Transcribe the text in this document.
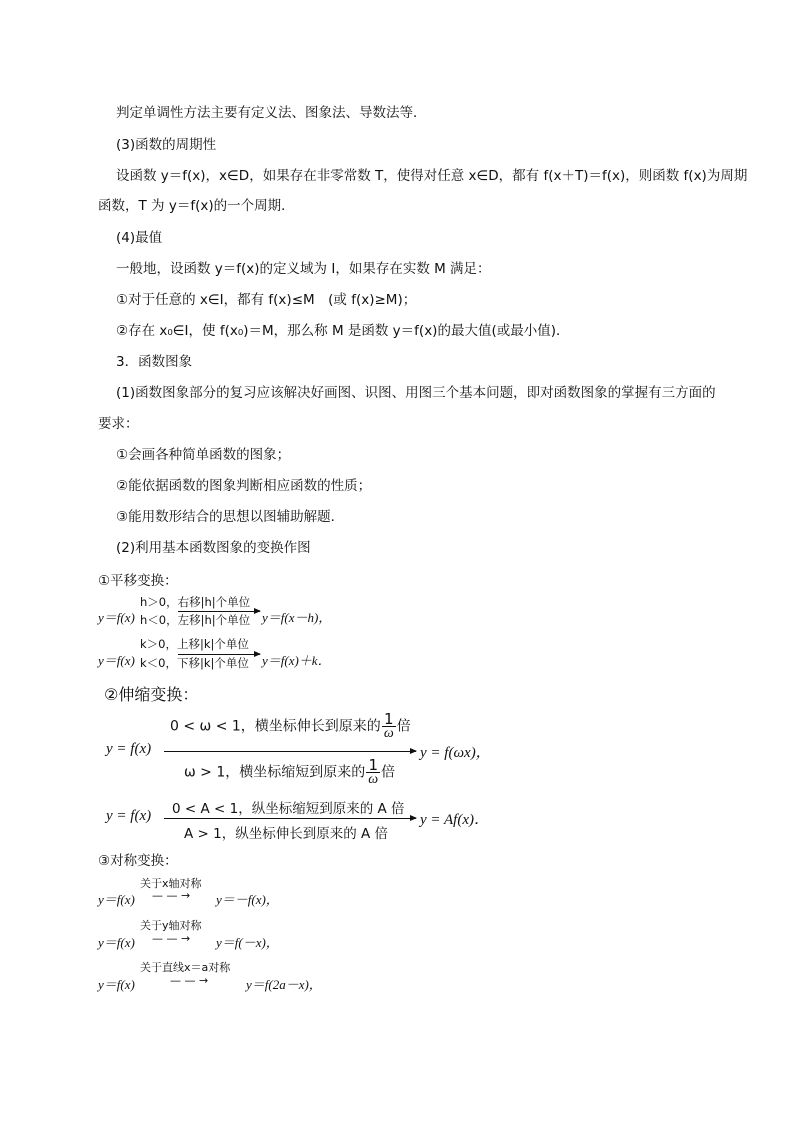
判定单调性方法主要有定义法、图象法、导数法等．
(3)函数的周期性
设函数 y＝f(x)，x∈D，如果存在非零常数 T，使得对任意 x∈D，都有 f(x＋T)＝f(x)，则函数 f(x)为周期
函数，T 为 y＝f(x)的一个周期．
(4)最值
一般地，设函数 y＝f(x)的定义域为 I，如果存在实数 M 满足：
①对于任意的 x∈I，都有 f(x)≤M　(或 f(x)≥M)；
②存在 x₀∈I，使 f(x₀)＝M，那么称 M 是函数 y＝f(x)的最大值(或最小值)．
3．函数图象
(1)函数图象部分的复习应该解决好画图、识图、用图三个基本问题，即对函数图象的掌握有三方面的
要求：
①会画各种简单函数的图象；
②能依据函数的图象判断相应函数的性质；
③能用数形结合的思想以图辅助解题．
(2)利用基本函数图象的变换作图
①平移变换：
y＝f(x)
h＞0，右移|h|个单位
h＜0，左移|h|个单位 y＝f(x－h)，
y＝f(x)
k＞0，上移|k|个单位
k＜0，下移|k|个单位 y＝f(x)＋k．
②伸缩变换：
y = f(x)
0 < ω < 1，横坐标伸长到原来的 $\frac{1}{\omega}$ 倍
ω > 1，横坐标缩短到原来的 $\frac{1}{\omega}$ 倍
y = f(ωx)，
y = f(x) 0 < A < 1，纵坐标缩短到原来的 A 倍
A > 1，纵坐标伸长到原来的 A 倍
y = Af(x)．
③对称变换：
y＝f(x)
关于x轴对称
— — → y＝－f(x)，
y＝f(x)
关于y轴对称
— — → y＝f(－x)，
y＝f(x)
关于直线x＝a对称
— — →	y＝f(2a－x)，
